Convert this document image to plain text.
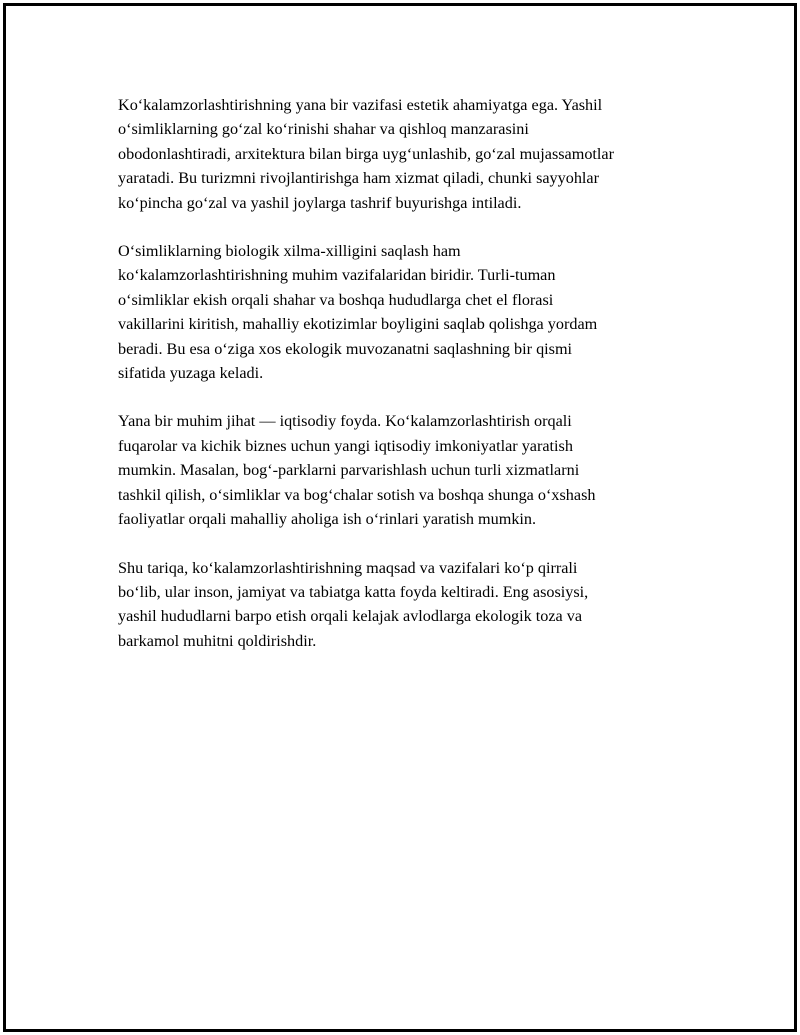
Ko‘kalamzorlashtirishning yana bir vazifasi estetik ahamiyatga ega. Yashil
o‘simliklarning go‘zal ko‘rinishi shahar va qishloq manzarasini
obodonlashtiradi, arxitektura bilan birga uyg‘unlashib, go‘zal mujassamotlar
yaratadi. Bu turizmni rivojlantirishga ham xizmat qiladi, chunki sayyohlar
ko‘pincha go‘zal va yashil joylarga tashrif buyurishga intiladi.

O‘simliklarning biologik xilma-xilligini saqlash ham
ko‘kalamzorlashtirishning muhim vazifalaridan biridir. Turli-tuman
o‘simliklar ekish orqali shahar va boshqa hududlarga chet el florasi
vakillarini kiritish, mahalliy ekotizimlar boyligini saqlab qolishga yordam
beradi. Bu esa o‘ziga xos ekologik muvozanatni saqlashning bir qismi
sifatida yuzaga keladi.

Yana bir muhim jihat — iqtisodiy foyda. Ko‘kalamzorlashtirish orqali
fuqarolar va kichik biznes uchun yangi iqtisodiy imkoniyatlar yaratish
mumkin. Masalan, bog‘-parklarni parvarishlash uchun turli xizmatlarni
tashkil qilish, o‘simliklar va bog‘chalar sotish va boshqa shunga o‘xshash
faoliyatlar orqali mahalliy aholiga ish o‘rinlari yaratish mumkin.

Shu tariqa, ko‘kalamzorlashtirishning maqsad va vazifalari ko‘p qirrali
bo‘lib, ular inson, jamiyat va tabiatga katta foyda keltiradi. Eng asosiysi,
yashil hududlarni barpo etish orqali kelajak avlodlarga ekologik toza va
barkamol muhitni qoldirishdir.
